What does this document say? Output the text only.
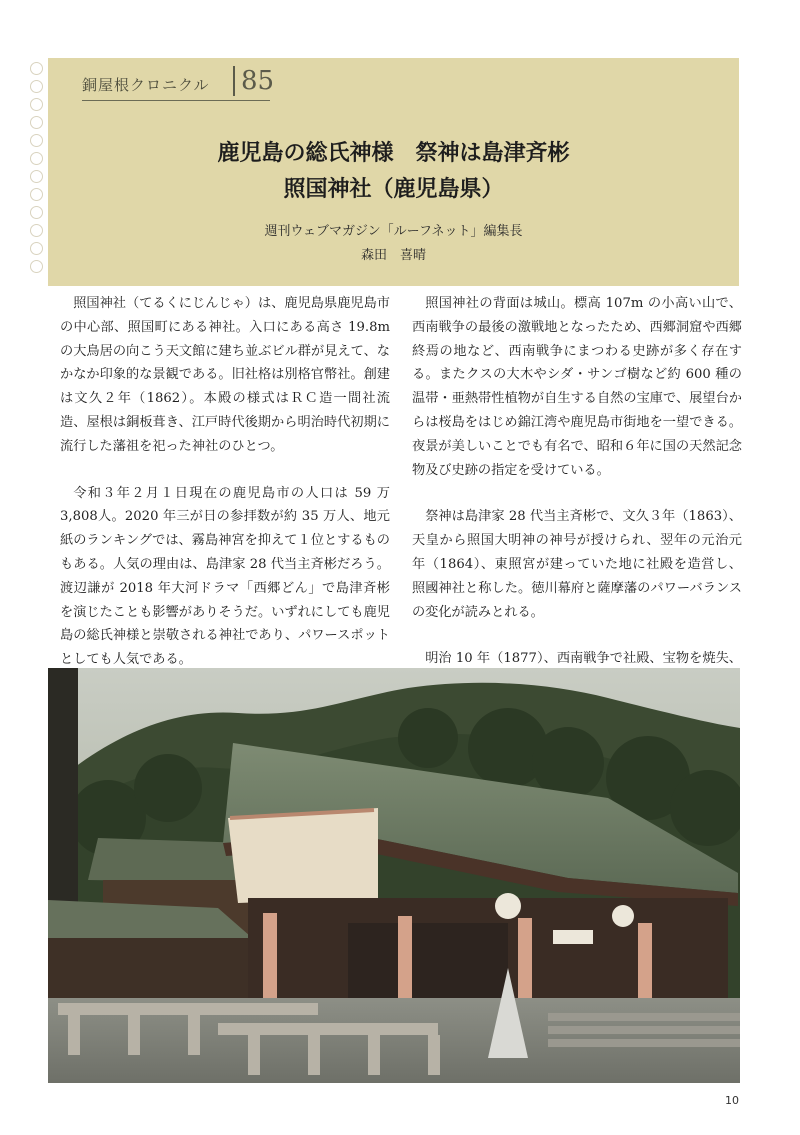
銅屋根クロニクル	85
鹿児島の総氏神様　祭神は島津斉彬
照国神社（鹿児島県）
週刊ウェブマガジン「ルーフネット」編集長
森田　喜晴

照国神社（てるくにじんじゃ）は、鹿児島県鹿児島市の中心部、照国町にある神社。入口にある高さ 19.8m の大鳥居の向こう天文館に建ち並ぶビル群が見えて、なかなか印象的な景観である。旧社格は別格官幣社。創建は文久２年（1862）。本殿の様式はＲＣ造一間社流造、屋根は銅板葺き、江戸時代後期から明治時代初期に流行した藩祖を祀った神社のひとつ。

令和３年２月１日現在の鹿児島市の人口は 59 万 3,808人。2020 年三が日の参拝数が約 35 万人、地元紙のランキングでは、霧島神宮を抑えて１位とするものもある。人気の理由は、島津家 28 代当主斉彬だろう。渡辺謙が 2018 年大河ドラマ「西郷どん」で島津斉彬を演じたことも影響がありそうだ。いずれにしても鹿児島の総氏神様と崇敬される神社であり、パワースポットとしても人気である。

照国神社の背面は城山。標高 107m の小高い山で、西南戦争の最後の激戦地となったため、西郷洞窟や西郷終焉の地など、西南戦争にまつわる史跡が多く存在する。またクスの大木やシダ・サンゴ樹など約 600 種の温帯・亜熱帯性植物が自生する自然の宝庫で、展望台からは桜島をはじめ錦江湾や鹿児島市街地を一望できる。夜景が美しいことでも有名で、昭和６年に国の天然記念物及び史跡の指定を受けている。

祭神は島津家 28 代当主斉彬で、文久３年（1863）、天皇から照国大明神の神号が授けられ、翌年の元治元年（1864）、東照宮が建っていた地に社殿を造営し、照國神社と称した。徳川幕府と薩摩藩のパワーバランスの変化が読みとれる。

明治 10 年（1877）、西南戦争で社殿、宝物を焼失、

10
